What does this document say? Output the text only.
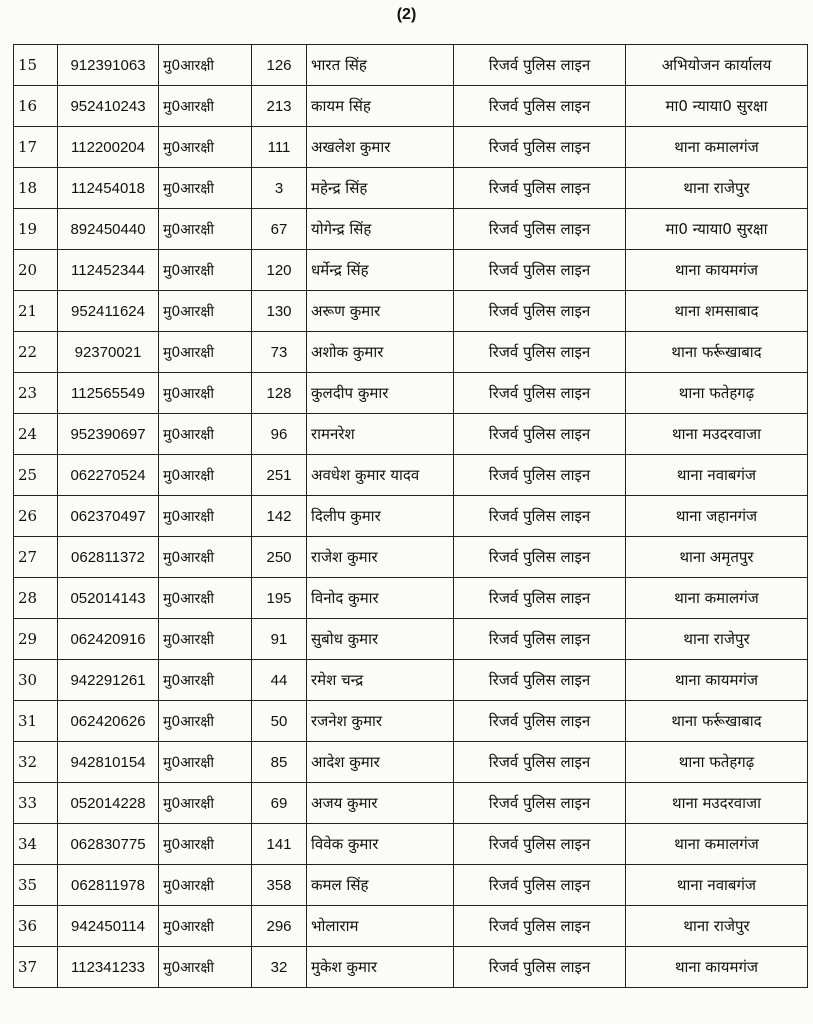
(2)
15	912391063	मु0आरक्षी	126	भारत सिंह	रिजर्व पुलिस लाइन	अभियोजन कार्यालय
16	952410243	मु0आरक्षी	213	कायम सिंह	रिजर्व पुलिस लाइन	मा0 न्याया0 सुरक्षा
17	112200204	मु0आरक्षी	111	अखलेश कुमार	रिजर्व पुलिस लाइन	थाना कमालगंज
18	112454018	मु0आरक्षी	3	महेन्द्र सिंह	रिजर्व पुलिस लाइन	थाना राजेपुर
19	892450440	मु0आरक्षी	67	योगेन्द्र सिंह	रिजर्व पुलिस लाइन	मा0 न्याया0 सुरक्षा
20	112452344	मु0आरक्षी	120	धर्मेन्द्र सिंह	रिजर्व पुलिस लाइन	थाना कायमगंज
21	952411624	मु0आरक्षी	130	अरूण कुमार	रिजर्व पुलिस लाइन	थाना शमसाबाद
22	92370021	मु0आरक्षी	73	अशोक कुमार	रिजर्व पुलिस लाइन	थाना फर्रूखाबाद
23	112565549	मु0आरक्षी	128	कुलदीप कुमार	रिजर्व पुलिस लाइन	थाना फतेहगढ़
24	952390697	मु0आरक्षी	96	रामनरेश	रिजर्व पुलिस लाइन	थाना मउदरवाजा
25	062270524	मु0आरक्षी	251	अवधेश कुमार यादव	रिजर्व पुलिस लाइन	थाना नवाबगंज
26	062370497	मु0आरक्षी	142	दिलीप कुमार	रिजर्व पुलिस लाइन	थाना जहानगंज
27	062811372	मु0आरक्षी	250	राजेश कुमार	रिजर्व पुलिस लाइन	थाना अमृतपुर
28	052014143	मु0आरक्षी	195	विनोद कुमार	रिजर्व पुलिस लाइन	थाना कमालगंज
29	062420916	मु0आरक्षी	91	सुबोध कुमार	रिजर्व पुलिस लाइन	थाना राजेपुर
30	942291261	मु0आरक्षी	44	रमेश चन्द्र	रिजर्व पुलिस लाइन	थाना कायमगंज
31	062420626	मु0आरक्षी	50	रजनेश कुमार	रिजर्व पुलिस लाइन	थाना फर्रूखाबाद
32	942810154	मु0आरक्षी	85	आदेश कुमार	रिजर्व पुलिस लाइन	थाना फतेहगढ़
33	052014228	मु0आरक्षी	69	अजय कुमार	रिजर्व पुलिस लाइन	थाना मउदरवाजा
34	062830775	मु0आरक्षी	141	विवेक कुमार	रिजर्व पुलिस लाइन	थाना कमालगंज
35	062811978	मु0आरक्षी	358	कमल सिंह	रिजर्व पुलिस लाइन	थाना नवाबगंज
36	942450114	मु0आरक्षी	296	भोलाराम	रिजर्व पुलिस लाइन	थाना राजेपुर
37	112341233	मु0आरक्षी	32	मुकेश कुमार	रिजर्व पुलिस लाइन	थाना कायमगंज
